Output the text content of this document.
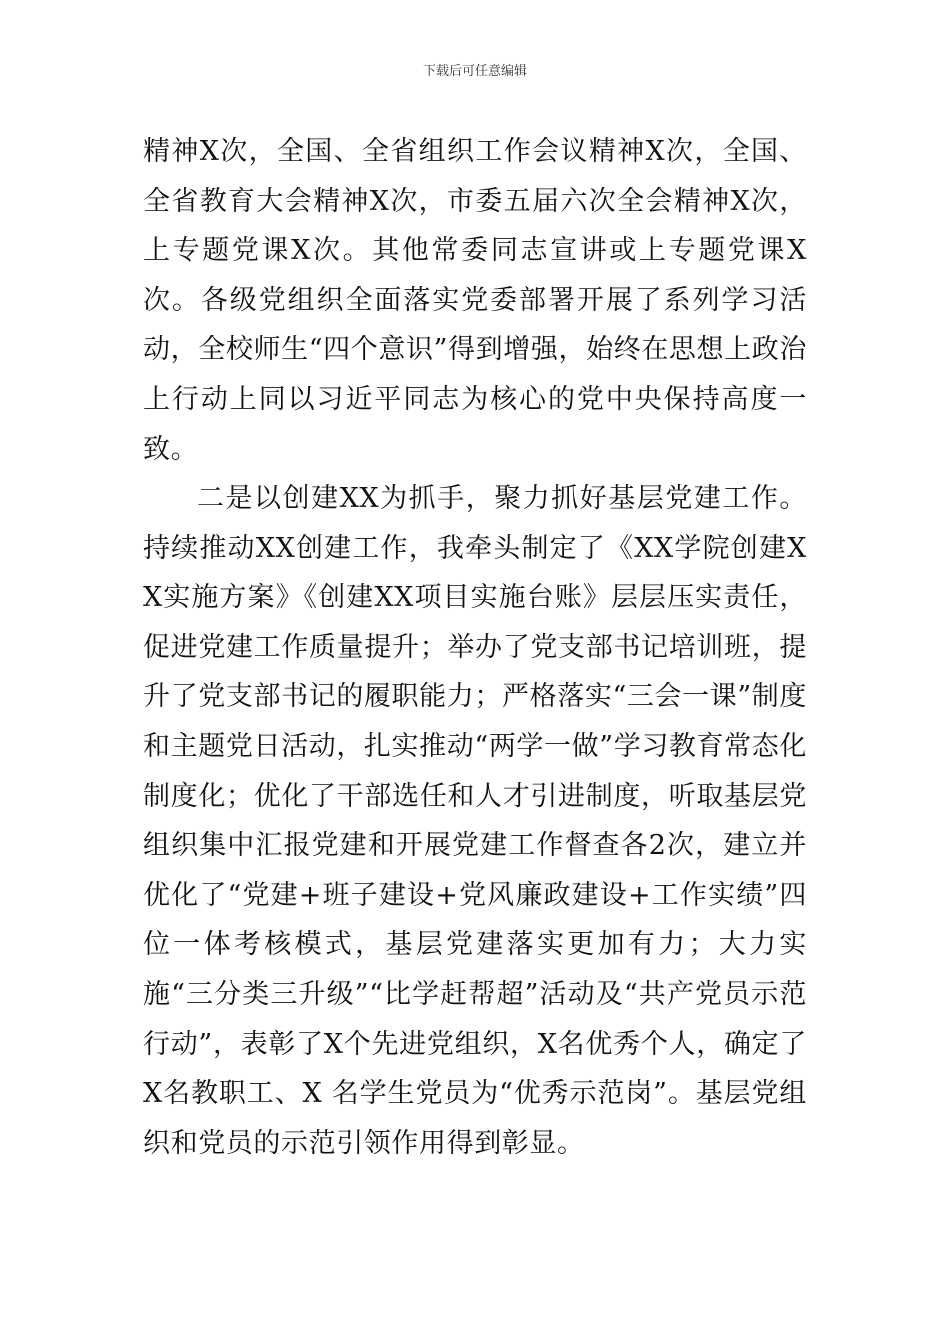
下载后可任意编辑

精神X次，全国、全省组织工作会议精神X次，全国、全省教育大会精神X次，市委五届六次全会精神X次，上专题党课X次。其他常委同志宣讲或上专题党课X次。各级党组织全面落实党委部署开展了系列学习活动，全校师生“四个意识”得到增强，始终在思想上政治上行动上同以习近平同志为核心的党中央保持高度一致。

二是以创建XX为抓手，聚力抓好基层党建工作。持续推动XX创建工作，我牵头制定了《XX学院创建XX实施方案》《创建XX项目实施台账》层层压实责任，促进党建工作质量提升；举办了党支部书记培训班，提升了党支部书记的履职能力；严格落实“三会一课”制度和主题党日活动，扎实推动“两学一做”学习教育常态化制度化；优化了干部选任和人才引进制度，听取基层党组织集中汇报党建和开展党建工作督查各2次，建立并优化了“党建+班子建设+党风廉政建设+工作实绩”四位一体考核模式，基层党建落实更加有力；大力实施“三分类三升级”“比学赶帮超”活动及“共产党员示范行动”，表彰了X个先进党组织，X名优秀个人，确定了X名教职工、X 名学生党员为“优秀示范岗”。基层党组织和党员的示范引领作用得到彰显。
